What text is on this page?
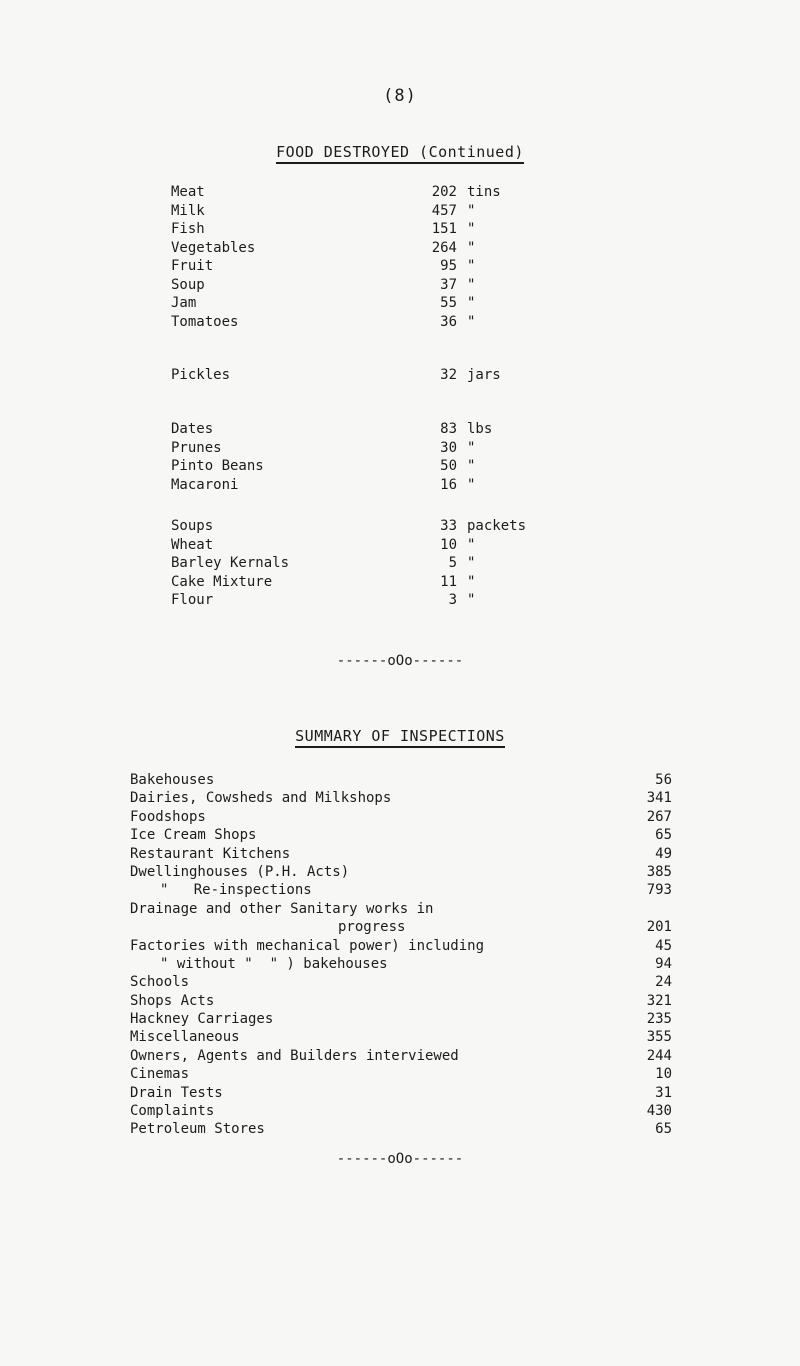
(8)
FOOD DESTROYED (Continued)
Meat	202 tins
Milk	457 "
Fish	151 "
Vegetables	264 "
Fruit	95 "
Soup	37 "
Jam	55 "
Tomatoes	36 "
Pickles	32 jars
Dates	83 lbs
Prunes	30 "
Pinto Beans	50 "
Macaroni	16 "
Soups	33 packets
Wheat	10 "
Barley Kernals	5 "
Cake Mixture	11 "
Flour	3 "
------oOo------
SUMMARY OF INSPECTIONS
Bakehouses	56
Dairies, Cowsheds and Milkshops	341
Foodshops	267
Ice Cream Shops	65
Restaurant Kitchens	49
Dwellinghouses (P.H. Acts)	385
"   Re-inspections	793
Drainage and other Sanitary works in
progress	201
Factories with mechanical power) including	45
" without "  " ) bakehouses	94
Schools	24
Shops Acts	321
Hackney Carriages	235
Miscellaneous	355
Owners, Agents and Builders interviewed	244
Cinemas	10
Drain Tests	31
Complaints	430
Petroleum Stores	65
------oOo------
